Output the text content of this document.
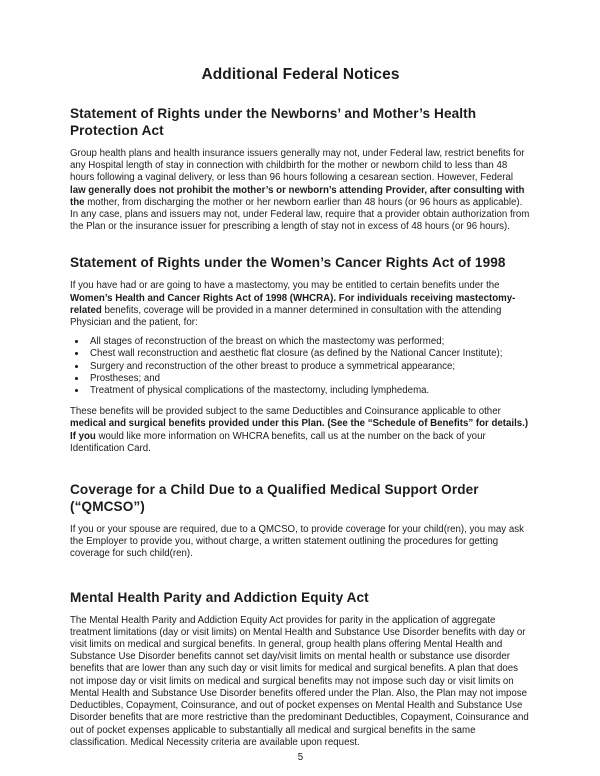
Additional Federal Notices
Statement of Rights under the Newborns’ and Mother’s Health Protection Act

Group health plans and health insurance issuers generally may not, under Federal law, restrict benefits for any Hospital length of stay in connection with childbirth for the mother or newborn child to less than 48 hours following a vaginal delivery, or less than 96 hours following a cesarean section. However, Federal law generally does not prohibit the mother’s or newborn’s attending Provider, after consulting with the mother, from discharging the mother or her newborn earlier than 48 hours (or 96 hours as applicable). In any case, plans and issuers may not, under Federal law, require that a provider obtain authorization from the Plan or the insurance issuer for prescribing a length of stay not in excess of 48 hours (or 96 hours).

Statement of Rights under the Women’s Cancer Rights Act of 1998

If you have had or are going to have a mastectomy, you may be entitled to certain benefits under the Women’s Health and Cancer Rights Act of 1998 (WHCRA). For individuals receiving mastectomy-related benefits, coverage will be provided in a manner determined in consultation with the attending Physician and the patient, for:

• All stages of reconstruction of the breast on which the mastectomy was performed;
• Chest wall reconstruction and aesthetic flat closure (as defined by the National Cancer Institute);
• Surgery and reconstruction of the other breast to produce a symmetrical appearance;
• Prostheses; and
• Treatment of physical complications of the mastectomy, including lymphedema.

These benefits will be provided subject to the same Deductibles and Coinsurance applicable to other medical and surgical benefits provided under this Plan. (See the “Schedule of Benefits” for details.) If you would like more information on WHCRA benefits, call us at the number on the back of your Identification Card.

Coverage for a Child Due to a Qualified Medical Support Order (“QMCSO”)

If you or your spouse are required, due to a QMCSO, to provide coverage for your child(ren), you may ask the Employer to provide you, without charge, a written statement outlining the procedures for getting coverage for such child(ren).

Mental Health Parity and Addiction Equity Act

The Mental Health Parity and Addiction Equity Act provides for parity in the application of aggregate treatment limitations (day or visit limits) on Mental Health and Substance Use Disorder benefits with day or visit limits on medical and surgical benefits. In general, group health plans offering Mental Health and Substance Use Disorder benefits cannot set day/visit limits on mental health or substance use disorder benefits that are lower than any such day or visit limits for medical and surgical benefits. A plan that does not impose day or visit limits on medical and surgical benefits may not impose such day or visit limits on Mental Health and Substance Use Disorder benefits offered under the Plan. Also, the Plan may not impose Deductibles, Copayment, Coinsurance, and out of pocket expenses on Mental Health and Substance Use Disorder benefits that are more restrictive than the predominant Deductibles, Copayment, Coinsurance and out of pocket expenses applicable to substantially all medical and surgical benefits in the same classification. Medical Necessity criteria are available upon request.

5
